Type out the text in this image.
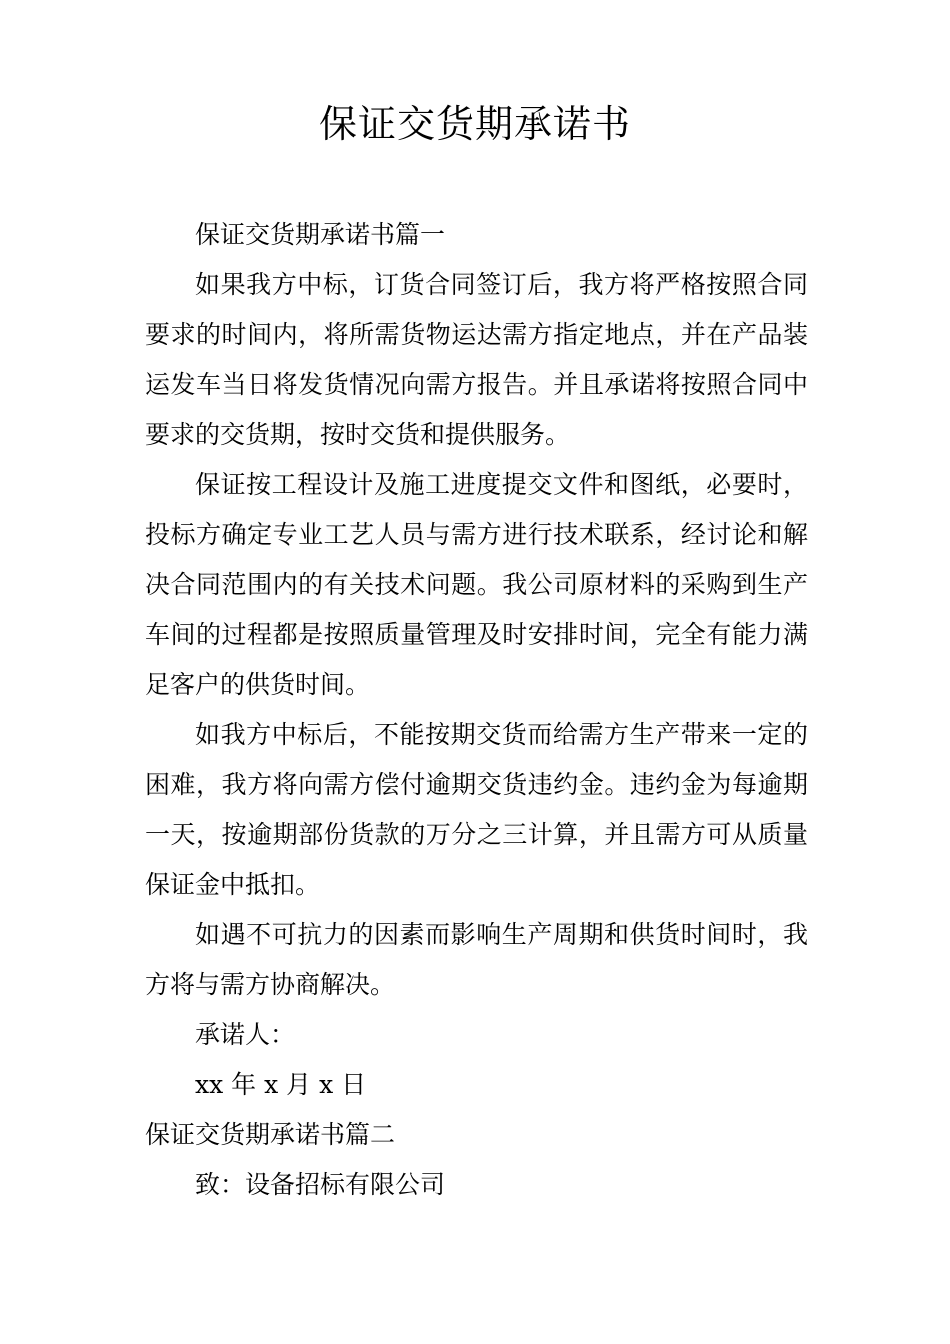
保证交货期承诺书

保证交货期承诺书篇一

如果我方中标，订货合同签订后，我方将严格按照合同要求的时间内，将所需货物运达需方指定地点，并在产品装运发车当日将发货情况向需方报告。并且承诺将按照合同中要求的交货期，按时交货和提供服务。

保证按工程设计及施工进度提交文件和图纸，必要时，投标方确定专业工艺人员与需方进行技术联系，经讨论和解决合同范围内的有关技术问题。我公司原材料的采购到生产车间的过程都是按照质量管理及时安排时间，完全有能力满足客户的供货时间。

如我方中标后，不能按期交货而给需方生产带来一定的困难，我方将向需方偿付逾期交货违约金。违约金为每逾期一天，按逾期部份货款的万分之三计算，并且需方可从质量保证金中抵扣。

如遇不可抗力的因素而影响生产周期和供货时间时，我方将与需方协商解决。

承诺人：

xx 年 x 月 x 日

保证交货期承诺书篇二

致：设备招标有限公司
